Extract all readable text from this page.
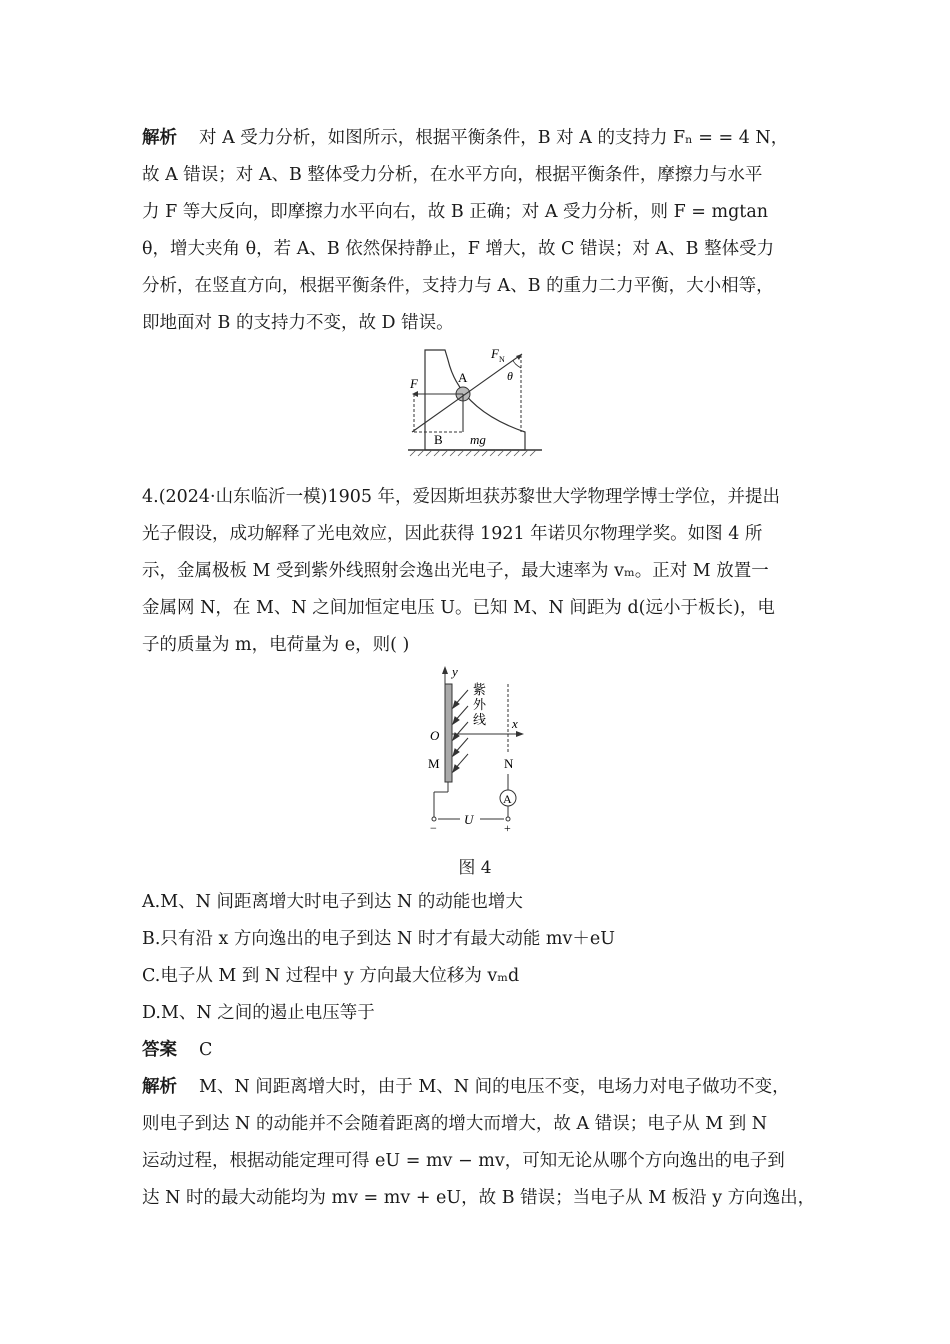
解析 对 A 受力分析，如图所示，根据平衡条件，B 对 A 的支持力 Fₙ = = 4 N，
故 A 错误；对 A、B 整体受力分析，在水平方向，根据平衡条件，摩擦力与水平
力 F 等大反向，即摩擦力水平向右，故 B 正确；对 A 受力分析，则 F = mgtan
θ，增大夹角 θ，若 A、B 依然保持静止，F 增大，故 C 错误；对 A、B 整体受力
分析，在竖直方向，根据平衡条件，支持力与 A、B 的重力二力平衡，大小相等，
即地面对 B 的支持力不变，故 D 错误。
F N
θ
F	A
B mg
4.(2024·山东临沂一模)1905 年，爱因斯坦获苏黎世大学物理学博士学位，并提出
光子假设，成功解释了光电效应，因此获得 1921 年诺贝尔物理学奖。如图 4 所
示，金属极板 M 受到紫外线照射会逸出光电子，最大速率为 vₘ。正对 M 放置一
金属网 N，在 M、N 之间加恒定电压 U。已知 M、N 间距为 d(远小于板长)，电
子的质量为 m，电荷量为 e，则( )
y
紫
外
线 x
O
M	N
A
U
−	+
图 4
A.M、N 间距离增大时电子到达 N 的动能也增大
B.只有沿 x 方向逸出的电子到达 N 时才有最大动能 mv＋eU
C.电子从 M 到 N 过程中 y 方向最大位移为 vₘd
D.M、N 之间的遏止电压等于
答案 C
解析 M、N 间距离增大时，由于 M、N 间的电压不变，电场力对电子做功不变，
则电子到达 N 的动能并不会随着距离的增大而增大，故 A 错误；电子从 M 到 N
运动过程，根据动能定理可得 eU = mv − mv，可知无论从哪个方向逸出的电子到
达 N 时的最大动能均为 mv = mv + eU，故 B 错误；当电子从 M 板沿 y 方向逸出，
